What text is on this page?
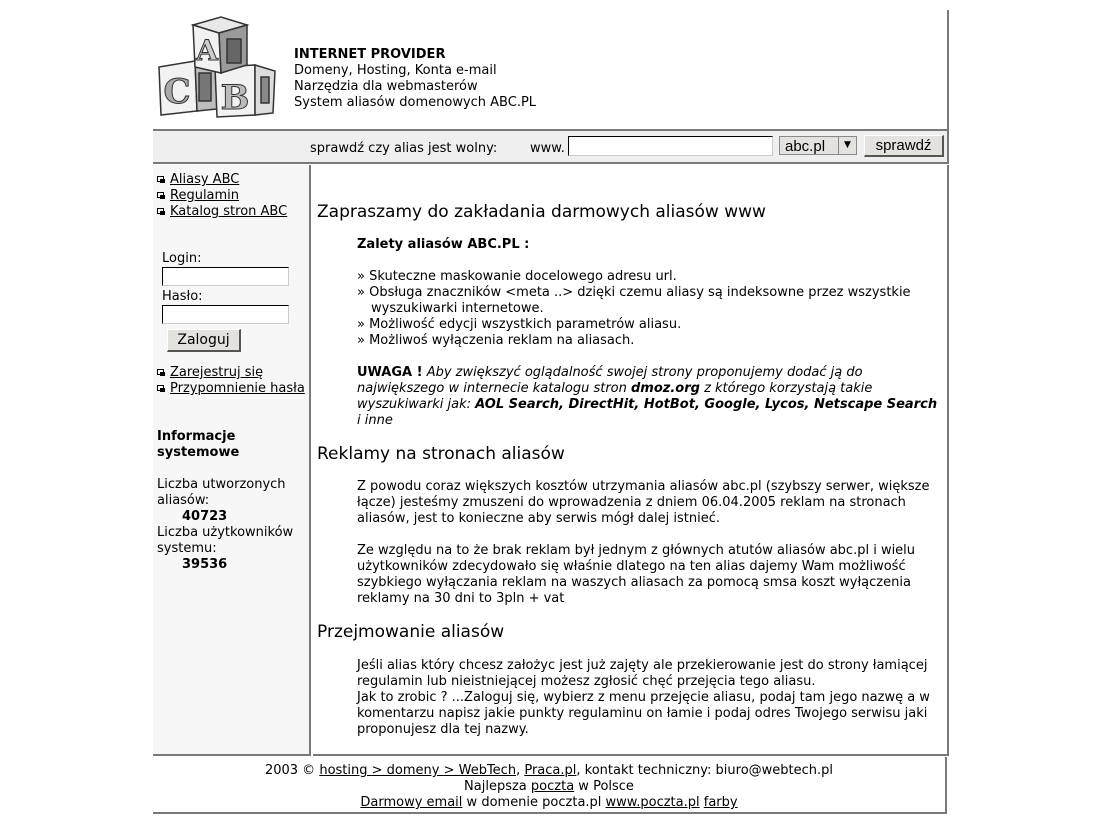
C
A
B
INTERNET PROVIDER
Domeny, Hosting, Konta e-mail
Narzędzia dla webmasterów
System aliasów domenowych ABC.PL
sprawdź czy alias jest wolny:	www.	abc.pl	▼	sprawdź
Aliasy ABC
Regulamin
Katalog stron ABC
Login:
Hasło:
Zaloguj
Zarejestruj się
Przypomnienie hasła
Informacje
systemowe
Liczba utworzonych
aliasów:
40723
Liczba użytkowników
systemu:
39536
Zapraszamy do zakładania darmowych aliasów www
Zalety aliasów ABC.PL :
» Skuteczne maskowanie docelowego adresu url.
» Obsługa znaczników <meta ..> dzięki czemu aliasy są indeksowne przez wszystkie
wyszukiwarki internetowe.
» Możliwość edycji wszystkich parametrów aliasu.
» Możliwoś wyłączenia reklam na aliasach.
UWAGA ! Aby zwiększyć oglądalność swojej strony proponujemy dodać ją do największego w internecie katalogu stron dmoz.org z którego korzystają takie wyszukiwarki jak: AOL Search, DirectHit, HotBot, Google, Lycos, Netscape Search i inne
Reklamy na stronach aliasów
Z powodu coraz większych kosztów utrzymania aliasów abc.pl (szybszy serwer, większe łącze) jesteśmy zmuszeni do wprowadzenia z dniem 06.04.2005 reklam na stronach aliasów, jest to konieczne aby serwis mógł dalej istnieć.
Ze względu na to że brak reklam był jednym z głównych atutów aliasów abc.pl i wielu użytkowników zdecydowało się właśnie dlatego na ten alias dajemy Wam możliwość szybkiego wyłączania reklam na waszych aliasach za pomocą smsa koszt wyłączenia reklamy na 30 dni to 3pln + vat
Przejmowanie aliasów
Jeśli alias który chcesz założyc jest już zajęty ale przekierowanie jest do strony łamiącej regulamin lub nieistniejącej możesz zgłosić chęć przejęcia tego aliasu.
Jak to zrobic ? ...Zaloguj się, wybierz z menu przejęcie aliasu, podaj tam jego nazwę a w komentarzu napisz jakie punkty regulaminu on łamie i podaj odres Twojego serwisu jaki proponujesz dla tej nazwy.
2003 © hosting > domeny > WebTech, Praca.pl, kontakt techniczny: biuro@webtech.pl
Najlepsza poczta w Polsce
Darmowy email w domenie poczta.pl www.poczta.pl farby
